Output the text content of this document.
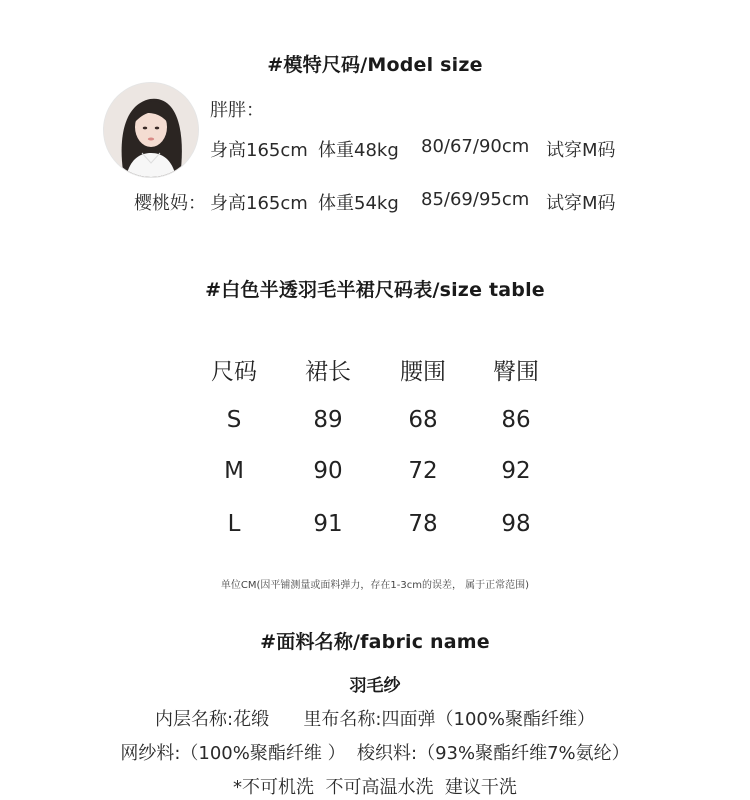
#模特尺码/Model size
胖胖：
身高165cm 体重48kg 80/67/90cm 试穿M码
樱桃妈： 身高165cm 体重54kg 85/69/95cm 试穿M码
#白色半透羽毛半裙尺码表/size table
尺码	裙长	腰围	臀围
S	89	68	86
M	90	72	92
L	91	78	98
单位CM(因平铺测量或面料弹力，存在1-3cm的误差， 属于正常范围)
#面料名称/fabric name
羽毛纱
内层名称:花缎      里布名称:四面弹（100%聚酯纤维）
网纱料:（100%聚酯纤维 ）  梭织料:（93%聚酯纤维7%氨纶）
*不可机洗  不可高温水洗  建议干洗
